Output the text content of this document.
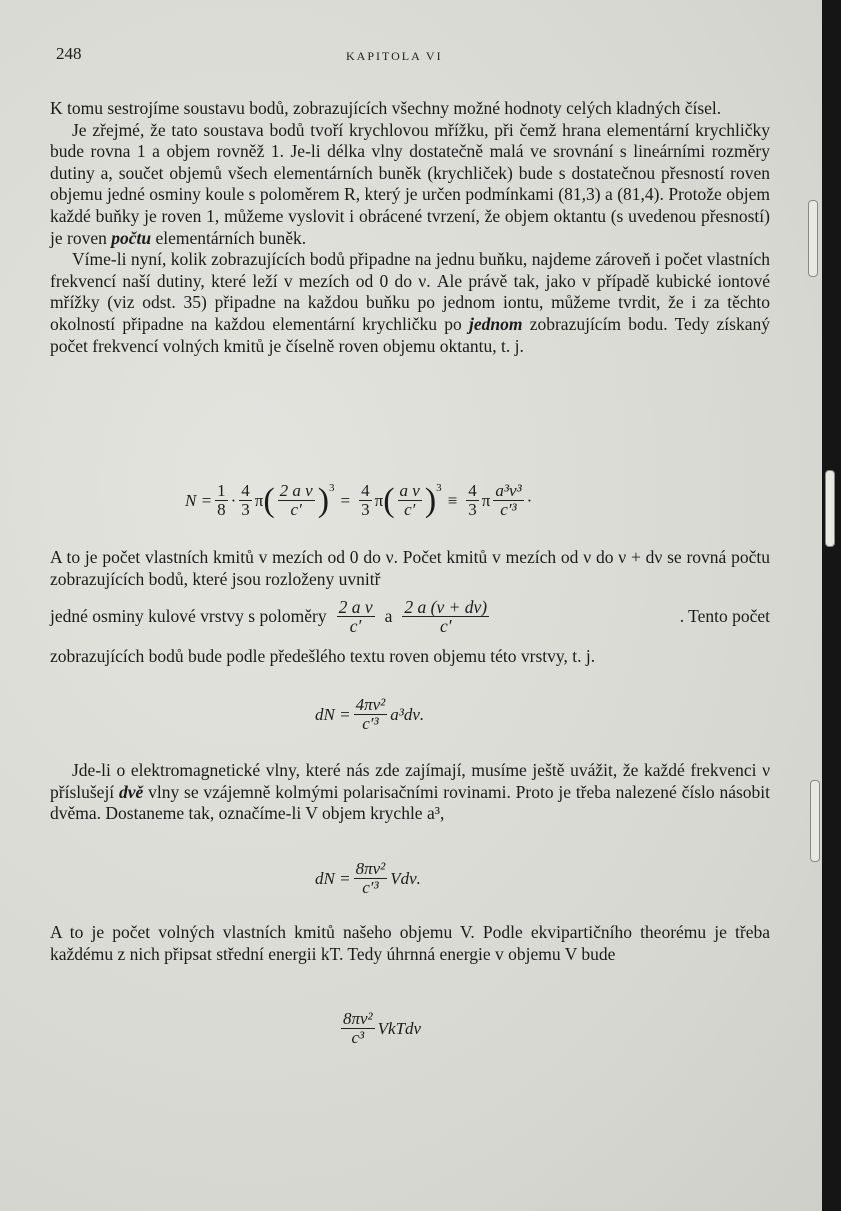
248	KAPITOLA VI

K tomu sestrojíme soustavu bodů, zobrazujících všechny možné hodnoty celých kladných čísel.

Je zřejmé, že tato soustava bodů tvoří krychlovou mřížku, při čemž hrana elementární krychličky bude rovna 1 a objem rovněž 1. Je-li délka vlny dostatečně malá ve srovnání s lineárními rozměry dutiny a, součet objemů všech elementárních buněk (krychliček) bude s dostatečnou přesností roven objemu jedné osminy koule s poloměrem R, který je určen podmínkami (81,3) a (81,4). Protože objem každé buňky je roven 1, můžeme vyslovit i obrácené tvrzení, že objem oktantu (s uvedenou přesností) je roven počtu elementárních buněk.

Víme-li nyní, kolik zobrazujících bodů připadne na jednu buňku, najdeme zároveň i počet vlastních frekvencí naší dutiny, které leží v mezích od 0 do ν. Ale právě tak, jako v případě kubické iontové mřížky (viz odst. 35) připadne na každou buňku po jednom iontu, můžeme tvrdit, že i za těchto okolností připadne na každou elementární krychličku po jednom zobrazujícím bodu. Tedy získaný počet frekvencí volných kmitů je číselně roven objemu oktantu, t. j.

$N = \frac{1}{8} \cdot \frac{4}{3}$ π ( $\frac{\text{2 a ν}}{c'} )^3$
= $\frac{4}{3}$ π ( $\frac{\text{a ν}}{c'} )^3$
≡ $\frac{4}{3}$ π $\frac{\text{a³ν³}}{\text{c′³}}$ ·

A to je počet vlastních kmitů v mezích od 0 do ν. Počet kmitů v mezích od ν do ν + dν se rovná počtu zobrazujících bodů, které jsou rozloženy uvnitř

jedné osminy kulové vrstvy s poloměry $\frac{\text{2 a ν}}{c'}$ a $\frac{2 a (\nu + d\nu)}{c'}$	. Tento počet

zobrazujících bodů bude podle předešlého textu roven objemu této vrstvy, t. j.

dN = $\frac{\text{4πν²}}{\text{c′³}} a^3d\nu$.

Jde-li o elektromagnetické vlny, které nás zde zajímají, musíme ještě uvážit, že každé frekvenci ν příslušejí dvě vlny se vzájemně kolmými polarisačními rovinami. Proto je třeba nalezené číslo násobit dvěma. Dostaneme tak, označíme-li V objem krychle a³,

dN = $\frac{\text{8πν²}}{\text{c′³}} Vd\nu$.

A to je počet volných vlastních kmitů našeho objemu V. Podle ekvipartičního theorému je třeba každému z nich připsat střední energii kT. Tedy úhrnná energie v objemu V bude

$\frac{\text{8πν²}}{\text{c³}}$ VkTdν
